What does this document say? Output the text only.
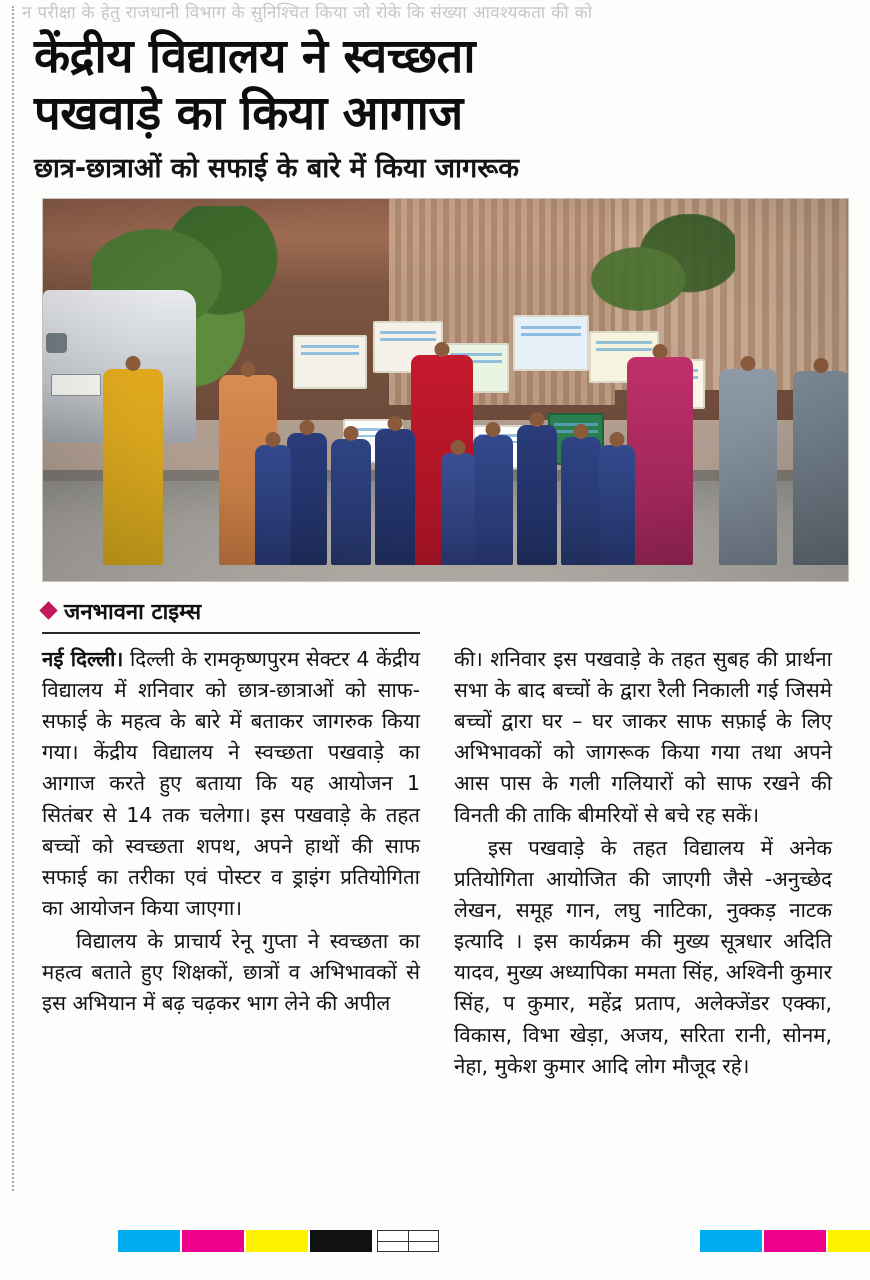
न परीक्षा के हेतु राजधानी विभाग के सुनिश्चित किया जो रोके कि संख्या आवश्यकता की को
केंद्रीय विद्यालय ने स्वच्छता
पखवाड़े का किया आगाज
छात्र-छात्राओं को सफाई के बारे में किया जागरूक
जनभावना टाइम्स

नई दिल्ली। दिल्ली के रामकृष्णपुरम सेक्टर 4 केंद्रीय विद्यालय में शनिवार को छात्र-छात्राओं को साफ- सफाई के महत्व के बारे में बताकर जागरुक किया गया। केंद्रीय विद्यालय ने स्वच्छता पखवाड़े का आगाज करते हुए बताया कि यह आयोजन 1 सितंबर से 14 तक चलेगा। इस पखवाड़े के तहत बच्चों को स्वच्छता शपथ, अपने हाथों की साफ सफाई का तरीका एवं पोस्टर व ड्राइंग प्रतियोगिता का आयोजन किया जाएगा।

विद्यालय के प्राचार्य रेनू गुप्ता ने स्वच्छता का महत्व बताते हुए शिक्षकों, छात्रों व अभिभावकों से इस अभियान में बढ़ चढ़कर भाग लेने की अपील

की। शनिवार इस पखवाड़े के तहत सुबह की प्रार्थना सभा के बाद बच्चों के द्वारा रैली निकाली गई जिसमे बच्चों द्वारा घर – घर जाकर साफ सफ़ाई के लिए अभिभावकों को जागरूक किया गया तथा अपने आस पास के गली गलियारों को साफ रखने की विनती की ताकि बीमरियों से बचे रह सकें।

इस पखवाड़े के तहत विद्यालय में अनेक प्रतियोगिता आयोजित की जाएगी जैसे -अनुच्छेद लेखन, समूह गान, लघु नाटिका, नुक्कड़ नाटक इत्यादि । इस कार्यक्रम की मुख्य सूत्रधार अदिति यादव, मुख्य अध्यापिका ममता सिंह, अश्विनी कुमार सिंह, प कुमार, महेंद्र प्रताप, अलेक्जेंडर एक्का, विकास, विभा खेड़ा, अजय, सरिता रानी, सोनम, नेहा, मुकेश कुमार आदि लोग मौजूद रहे।
